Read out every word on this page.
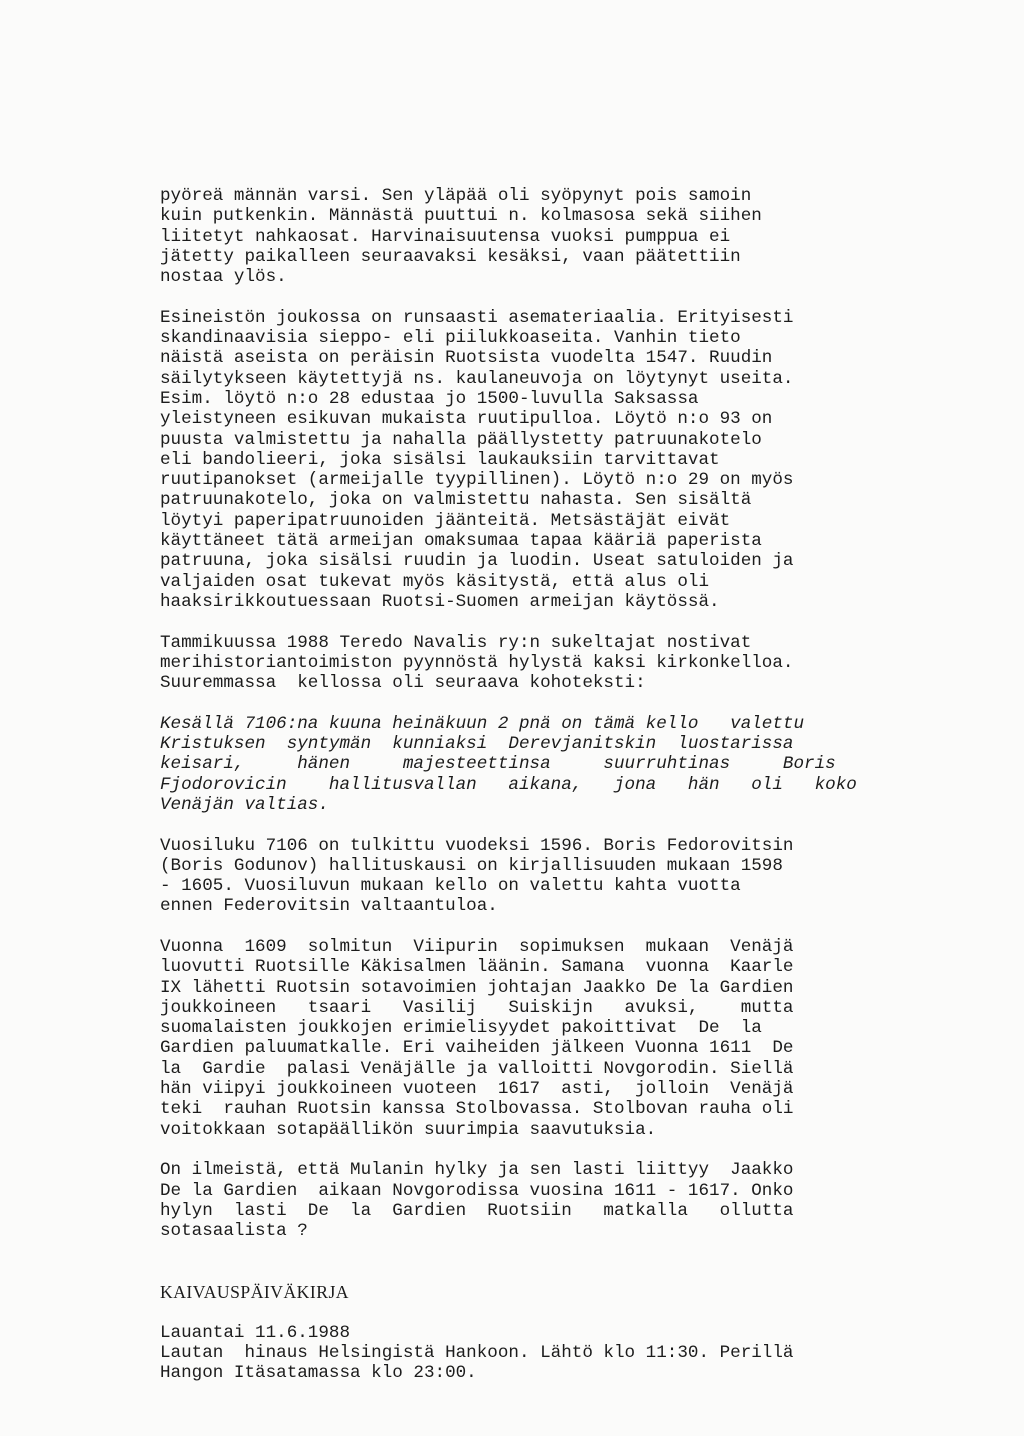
pyöreä männän varsi. Sen yläpää oli syöpynyt pois samoin

kuin putkenkin. Männästä puuttui n. kolmasosa sekä siihen

liitetyt nahkaosat. Harvinaisuutensa vuoksi pumppua ei

jätetty paikalleen seuraavaksi kesäksi, vaan päätettiin

nostaa ylös.

Esineistön joukossa on runsaasti asemateriaalia. Erityisesti

skandinaavisia sieppo- eli piilukkoaseita. Vanhin tieto

näistä aseista on peräisin Ruotsista vuodelta 1547. Ruudin

säilytykseen käytettyjä ns. kaulaneuvoja on löytynyt useita.

Esim. löytö n:o 28 edustaa jo 1500-luvulla Saksassa

yleistyneen esikuvan mukaista ruutipulloa. Löytö n:o 93 on

puusta valmistettu ja nahalla päällystetty patruunakotelo

eli bandolieeri, joka sisälsi laukauksiin tarvittavat

ruutipanokset (armeijalle tyypillinen). Löytö n:o 29 on myös

patruunakotelo, joka on valmistettu nahasta. Sen sisältä

löytyi paperipatruunoiden jäänteitä. Metsästäjät eivät

käyttäneet tätä armeijan omaksumaa tapaa kääriä paperista

patruuna, joka sisälsi ruudin ja luodin. Useat satuloiden ja

valjaiden osat tukevat myös käsitystä, että alus oli

haaksirikkoutuessaan Ruotsi-Suomen armeijan käytössä.

Tammikuussa 1988 Teredo Navalis ry:n sukeltajat nostivat

merihistoriantoimiston pyynnöstä hylystä kaksi kirkonkelloa.

Suuremmassa  kellossa oli seuraava kohoteksti:

Kesällä 7106:na kuuna heinäkuun 2 pnä on tämä kello   valettu

Kristuksen  syntymän  kunniaksi  Derevjanitskin  luostarissa

keisari,     hänen     majesteettinsa     suurruhtinas     Boris

Fjodorovicin    hallitusvallan   aikana,   jona   hän   oli   koko

Venäjän valtias.

Vuosiluku 7106 on tulkittu vuodeksi 1596. Boris Fedorovitsin

(Boris Godunov) hallituskausi on kirjallisuuden mukaan 1598

- 1605. Vuosiluvun mukaan kello on valettu kahta vuotta

ennen Federovitsin valtaantuloa.

Vuonna  1609  solmitun  Viipurin  sopimuksen  mukaan  Venäjä

luovutti Ruotsille Käkisalmen läänin. Samana  vuonna  Kaarle

IX lähetti Ruotsin sotavoimien johtajan Jaakko De la Gardien

joukkoineen   tsaari   Vasilij   Suiskijn   avuksi,    mutta

suomalaisten joukkojen erimielisyydet pakoittivat  De  la

Gardien paluumatkalle. Eri vaiheiden jälkeen Vuonna 1611  De

la  Gardie  palasi Venäjälle ja valloitti Novgorodin. Siellä

hän viipyi joukkoineen vuoteen  1617  asti,  jolloin  Venäjä

teki  rauhan Ruotsin kanssa Stolbovassa. Stolbovan rauha oli

voitokkaan sotapäällikön suurimpia saavutuksia.

On ilmeistä, että Mulanin hylky ja sen lasti liittyy  Jaakko

De la Gardien  aikaan Novgorodissa vuosina 1611 - 1617. Onko

hylyn  lasti  De  la  Gardien  Ruotsiin   matkalla   ollutta

sotasaalista ?

KAIVAUSPÄIVÄKIRJA

Lauantai 11.6.1988

Lautan  hinaus Helsingistä Hankoon. Lähtö klo 11:30. Perillä

Hangon Itäsatamassa klo 23:00.
